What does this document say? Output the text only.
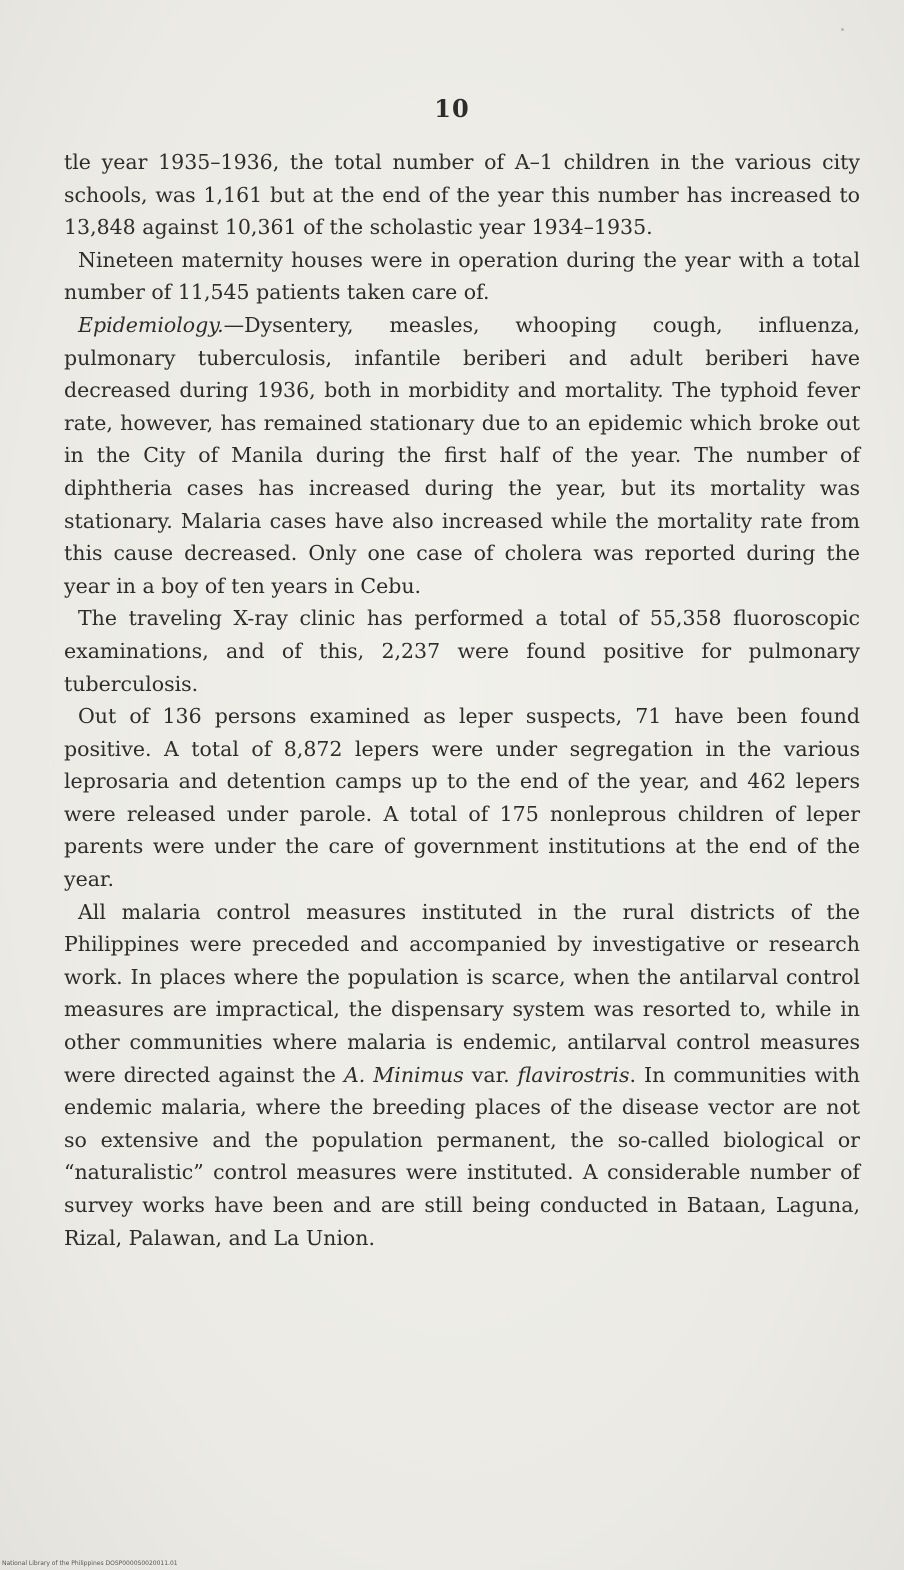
10

tle year 1935–1936, the total number of A–1 children in the various city schools, was 1,161 but at the end of the year this number has increased to 13,848 against 10,361 of the scholastic year 1934–1935.

Nineteen maternity houses were in operation during the year with a total number of 11,545 patients taken care of.

Epidemiology.—Dysentery, measles, whooping cough, influenza, pulmonary tuberculosis, infantile beriberi and adult beriberi have decreased during 1936, both in morbidity and mortality. The typhoid fever rate, however, has remained stationary due to an epidemic which broke out in the City of Manila during the first half of the year. The number of diphtheria cases has increased during the year, but its mortality was stationary. Malaria cases have also increased while the mortality rate from this cause decreased. Only one case of cholera was reported during the year in a boy of ten years in Cebu.

The traveling X-ray clinic has performed a total of 55,358 fluoroscopic examinations, and of this, 2,237 were found positive for pulmonary tuberculosis.

Out of 136 persons examined as leper suspects, 71 have been found positive. A total of 8,872 lepers were under segregation in the various leprosaria and detention camps up to the end of the year, and 462 lepers were released under parole. A total of 175 nonleprous children of leper parents were under the care of government institutions at the end of the year.

All malaria control measures instituted in the rural districts of the Philippines were preceded and accompanied by investigative or research work. In places where the population is scarce, when the antilarval control measures are impractical, the dispensary system was resorted to, while in other communities where malaria is endemic, antilarval control measures were directed against the A. Minimus var. flavirostris. In communities with endemic malaria, where the breeding places of the disease vector are not so extensive and the population permanent, the so-called biological or “naturalistic” control measures were instituted. A considerable number of survey works have been and are still being conducted in Bataan, Laguna, Rizal, Palawan, and La Union.

National Library of the Philippines DOSP0000S0020011.01
